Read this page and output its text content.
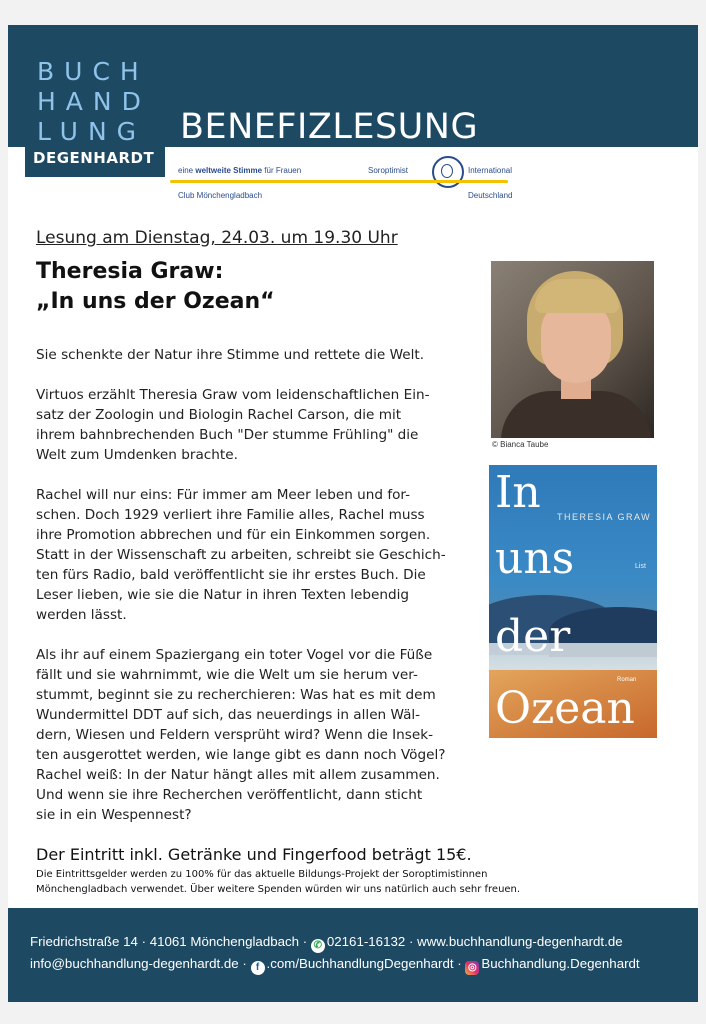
BUCH
HAND
LUNG
DEGENHARDT
BENEFIZLESUNG
eine weltweite Stimme für Frauen	Soroptimist	International
Club Mönchengladbach	Deutschland
Lesung am Dienstag, 24.03. um 19.30 Uhr
Theresia Graw:
„In uns der Ozean“

Sie schenkte der Natur ihre Stimme und rettete die Welt.

Virtuos erzählt Theresia Graw vom leidenschaftlichen Ein-
satz der Zoologin und Biologin Rachel Carson, die mit
ihrem bahnbrechenden Buch "Der stumme Frühling" die
Welt zum Umdenken brachte.

Rachel will nur eins: Für immer am Meer leben und for-
schen. Doch 1929 verliert ihre Familie alles, Rachel muss
ihre Promotion abbrechen und für ein Einkommen sorgen.
Statt in der Wissenschaft zu arbeiten, schreibt sie Geschich-
ten fürs Radio, bald veröffentlicht sie ihr erstes Buch. Die
Leser lieben, wie sie die Natur in ihren Texten lebendig
werden lässt.

Als ihr auf einem Spaziergang ein toter Vogel vor die Füße
fällt und sie wahrnimmt, wie die Welt um sie herum ver-
stummt, beginnt sie zu recherchieren: Was hat es mit dem
Wundermittel DDT auf sich, das neuerdings in allen Wäl-
dern, Wiesen und Feldern versprüht wird? Wenn die Insek-
ten ausgerottet werden, wie lange gibt es dann noch Vögel?
Rachel weiß: In der Natur hängt alles mit allem zusammen.
Und wenn sie ihre Recherchen veröffentlicht, dann sticht
sie in ein Wespennest?

© Bianca Taube
In THERESIA GRAW
uns	List
der
Roman
Ozean
Der Eintritt inkl. Getränke und Fingerfood beträgt 15€.
Die Eintrittsgelder werden zu 100% für das aktuelle Bildungs-Projekt der Soroptimistinnen
Mönchengladbach verwendet. Über weitere Spenden würden wir uns natürlich auch sehr freuen.
Friedrichstraße 14 · 41061 Mönchengladbach · ✆ 02161-16132 · www.buchhandlung-degenhardt.de
info@buchhandlung-degenhardt.de · f .com/BuchhandlungDegenhardt · ◎ Buchhandlung.Degenhardt
